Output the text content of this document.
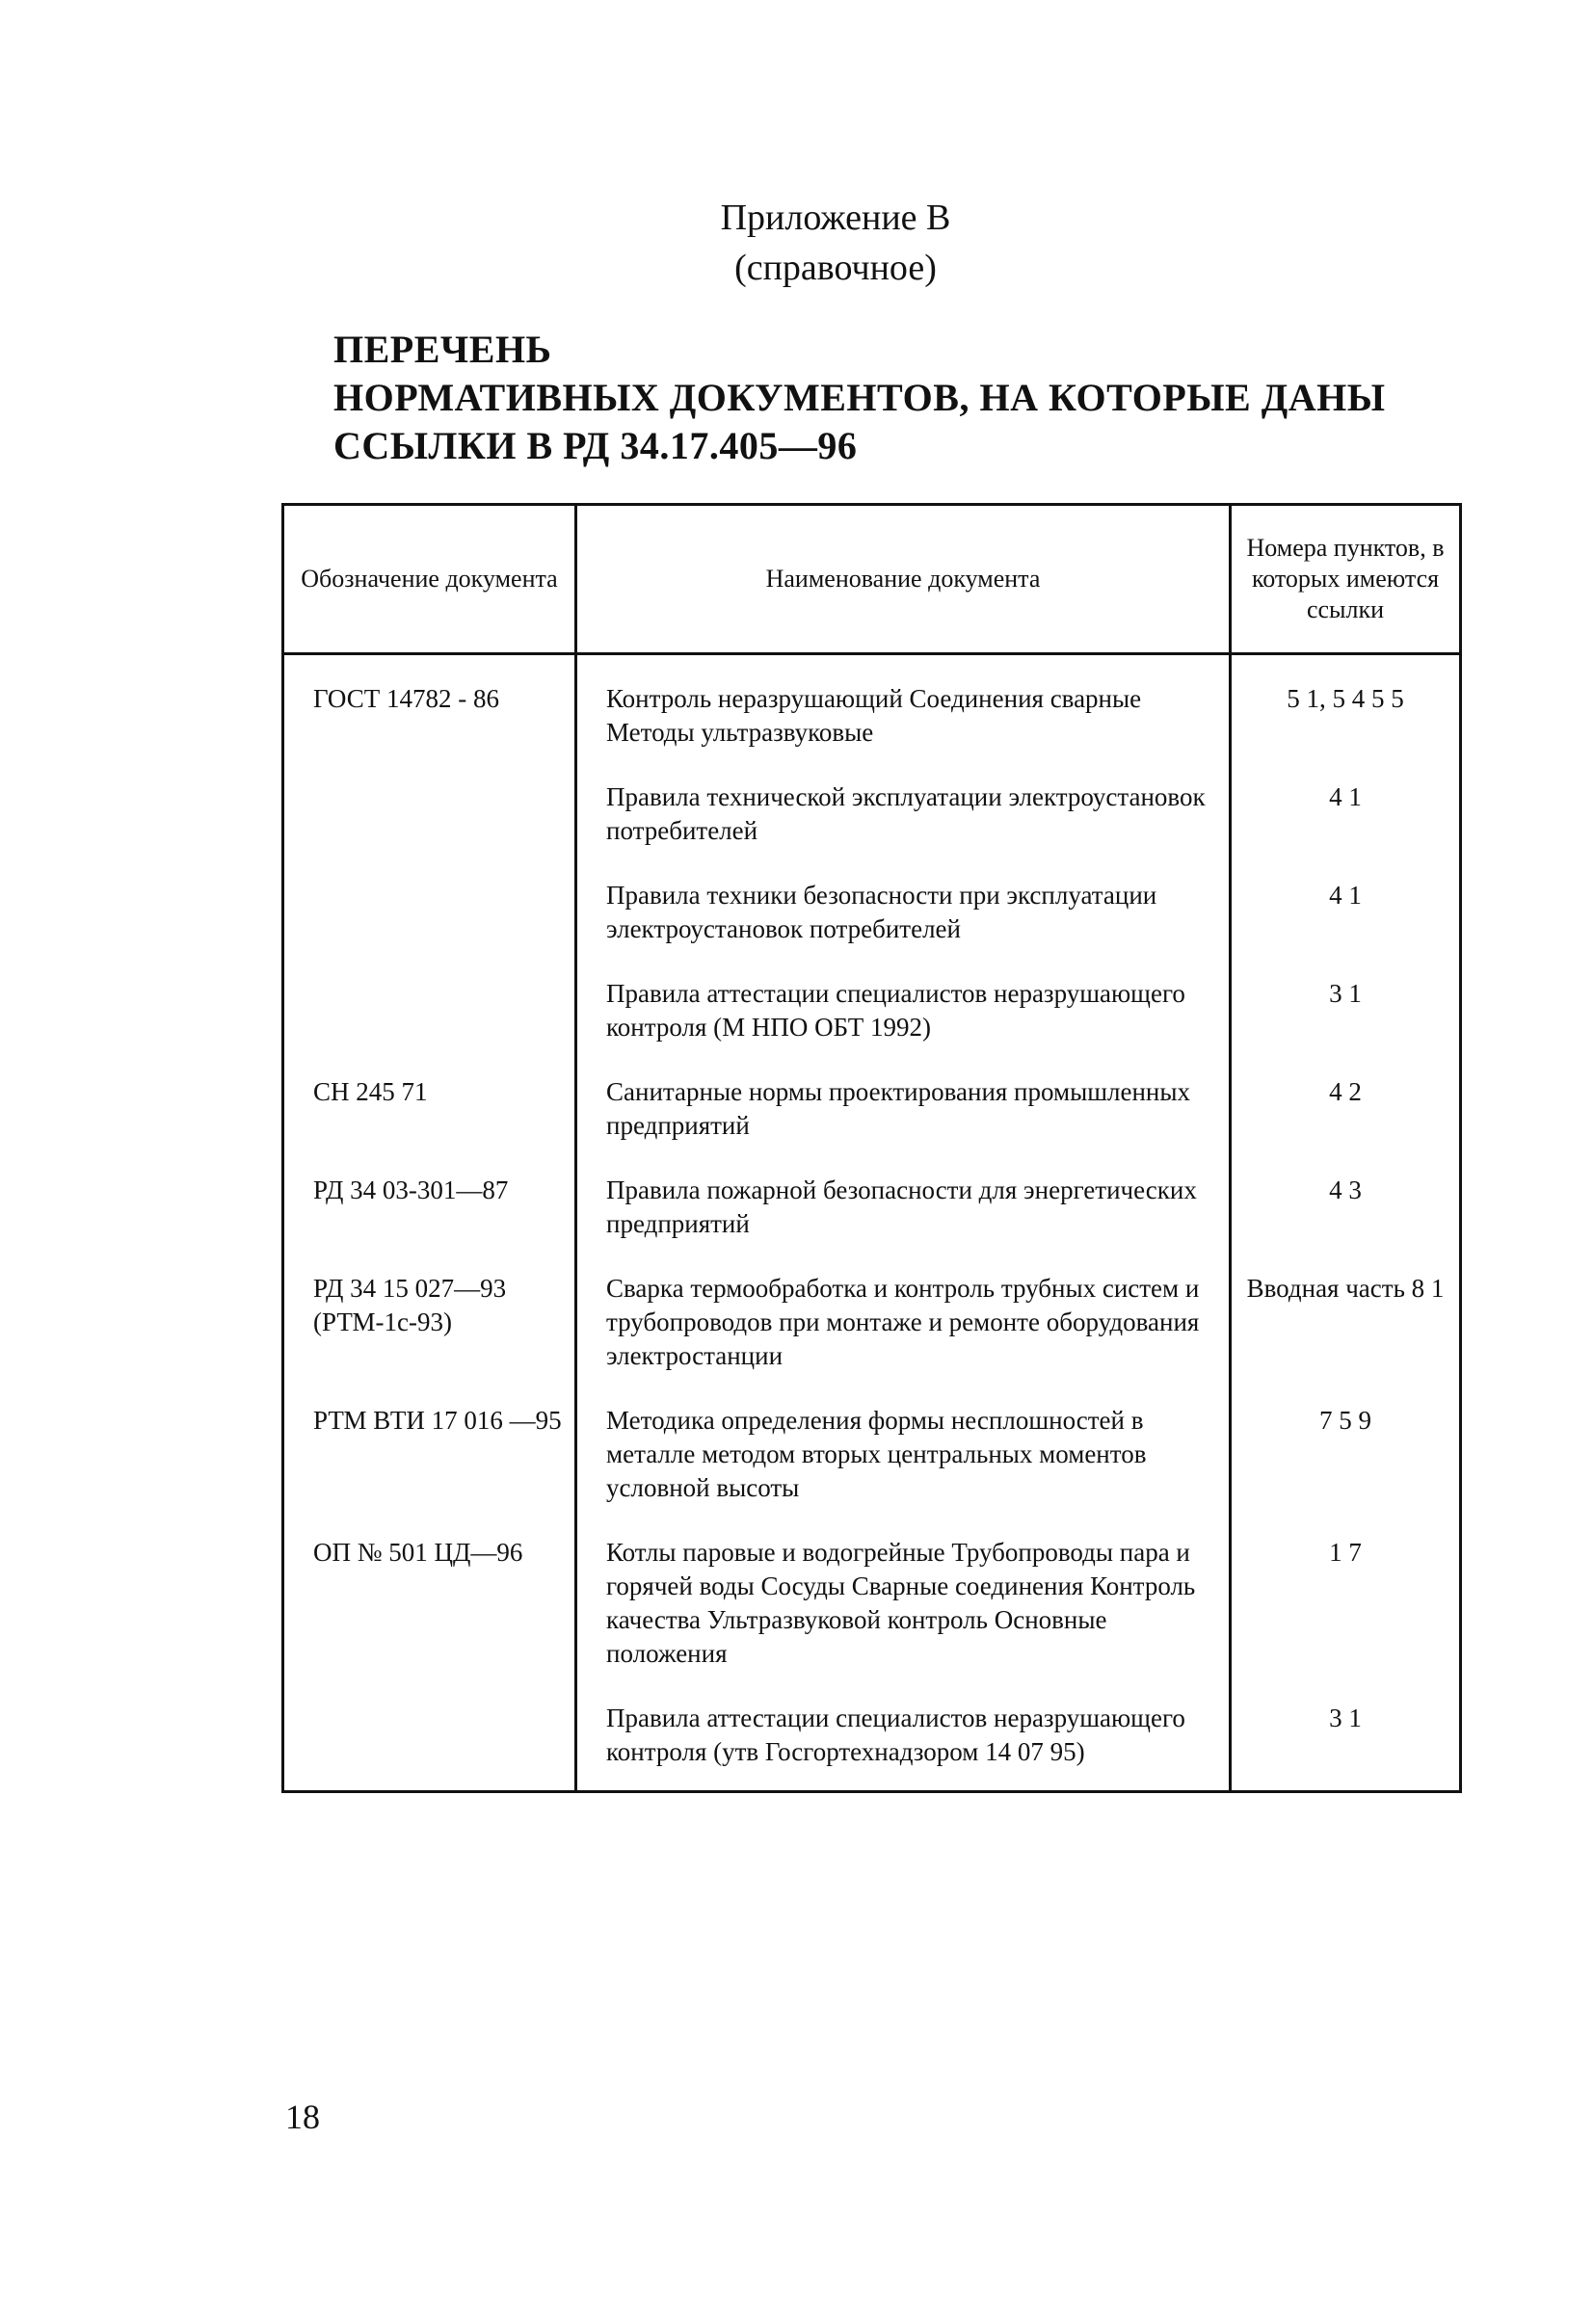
Приложение В
(справочное)
ПЕРЕЧЕНЬ
НОРМАТИВНЫХ ДОКУМЕНТОВ, НА КОТОРЫЕ ДАНЫ
ССЫЛКИ В РД 34.17.405—96
Обозначение документа	Наименование документа	Номера пунктов, в которых имеются ссылки
ГОСТ 14782 - 86	Контроль неразрушающий Соединения сварные Методы ультразвуковые	5 1, 5 4 5 5
	Правила технической эксплуатации электроустановок потребителей	4 1
	Правила техники безопасности при эксплуатации электроустановок потребителей	4 1
	Правила аттестации специалистов неразрушающего контроля (М НПО ОБТ 1992)	3 1
СН 245 71	Санитарные нормы проектирования промышленных предприятий	4 2
РД 34 03-301—87	Правила пожарной безопасности для энергетических предприятий	4 3
РД 34 15 027—93 (РТМ-1с-93)	Сварка термообработка и контроль трубных систем и трубопроводов при монтаже и ремонте оборудования электростанции	Вводная часть 8 1
РТМ ВТИ 17 016 —95	Методика определения формы несплошностей в металле методом вторых центральных моментов условной высоты	7 5 9
ОП № 501 ЦД—96	Котлы паровые и водогрейные Трубопроводы пара и горячей воды Сосуды Сварные соединения Контроль качества Ультразвуковой контроль Основные положения	1 7
	Правила аттестации специалистов неразрушающего контроля (утв Госгортехнадзором 14 07 95)	3 1
18
